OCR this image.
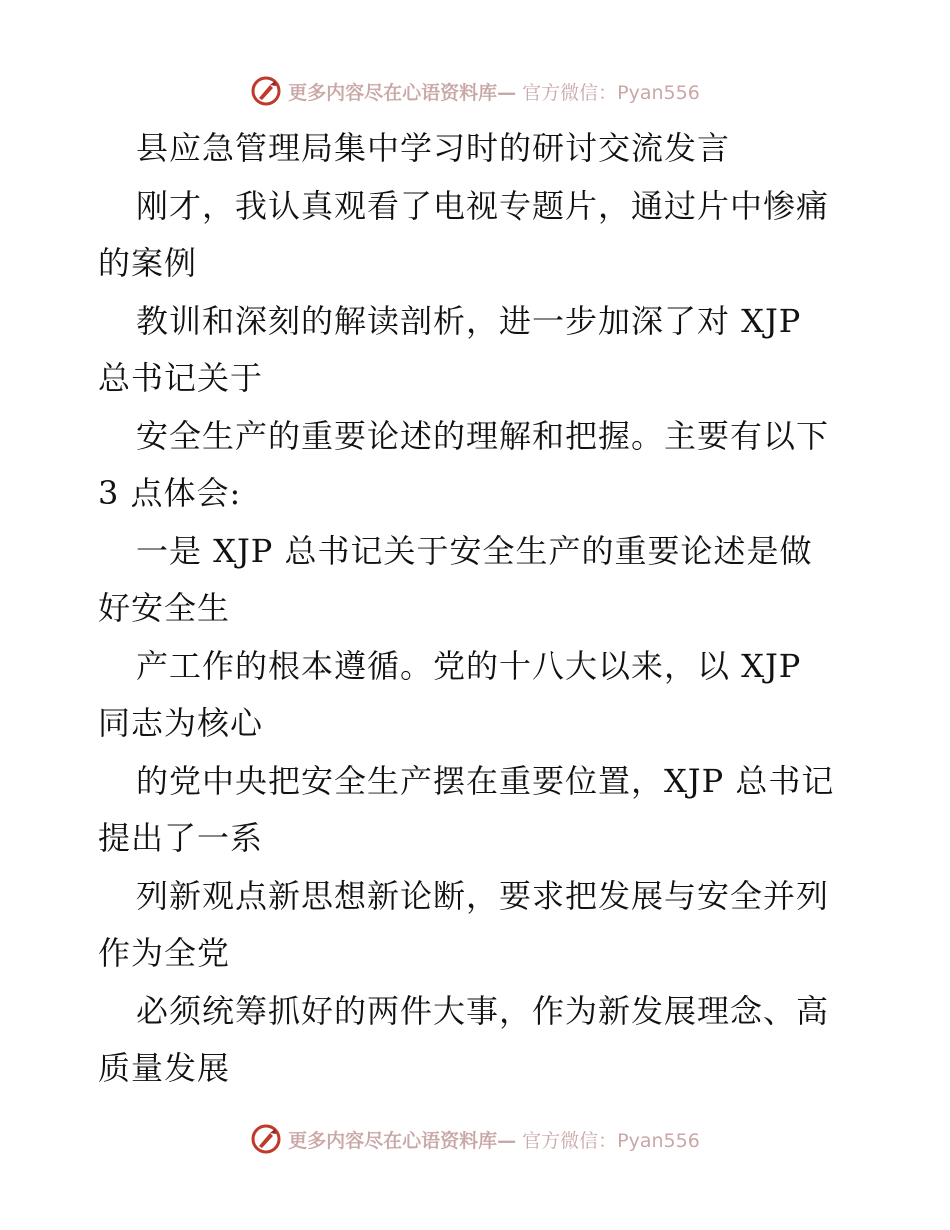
更多内容尽在心语资料库— 官方微信：Pyan556
县应急管理局集中学习时的研讨交流发言
刚才，我认真观看了电视专题片，通过片中惨痛
的案例
教训和深刻的解读剖析，进一步加深了对 XJP
总书记关于
安全生产的重要论述的理解和把握。主要有以下
3 点体会:
一是 XJP 总书记关于安全生产的重要论述是做
好安全生
产工作的根本遵循。党的十八大以来，以 XJP
同志为核心
的党中央把安全生产摆在重要位置，XJP 总书记
提出了一系
列新观点新思想新论断，要求把发展与安全并列
作为全党
必须统筹抓好的两件大事，作为新发展理念、高
质量发展
更多内容尽在心语资料库— 官方微信：Pyan556
